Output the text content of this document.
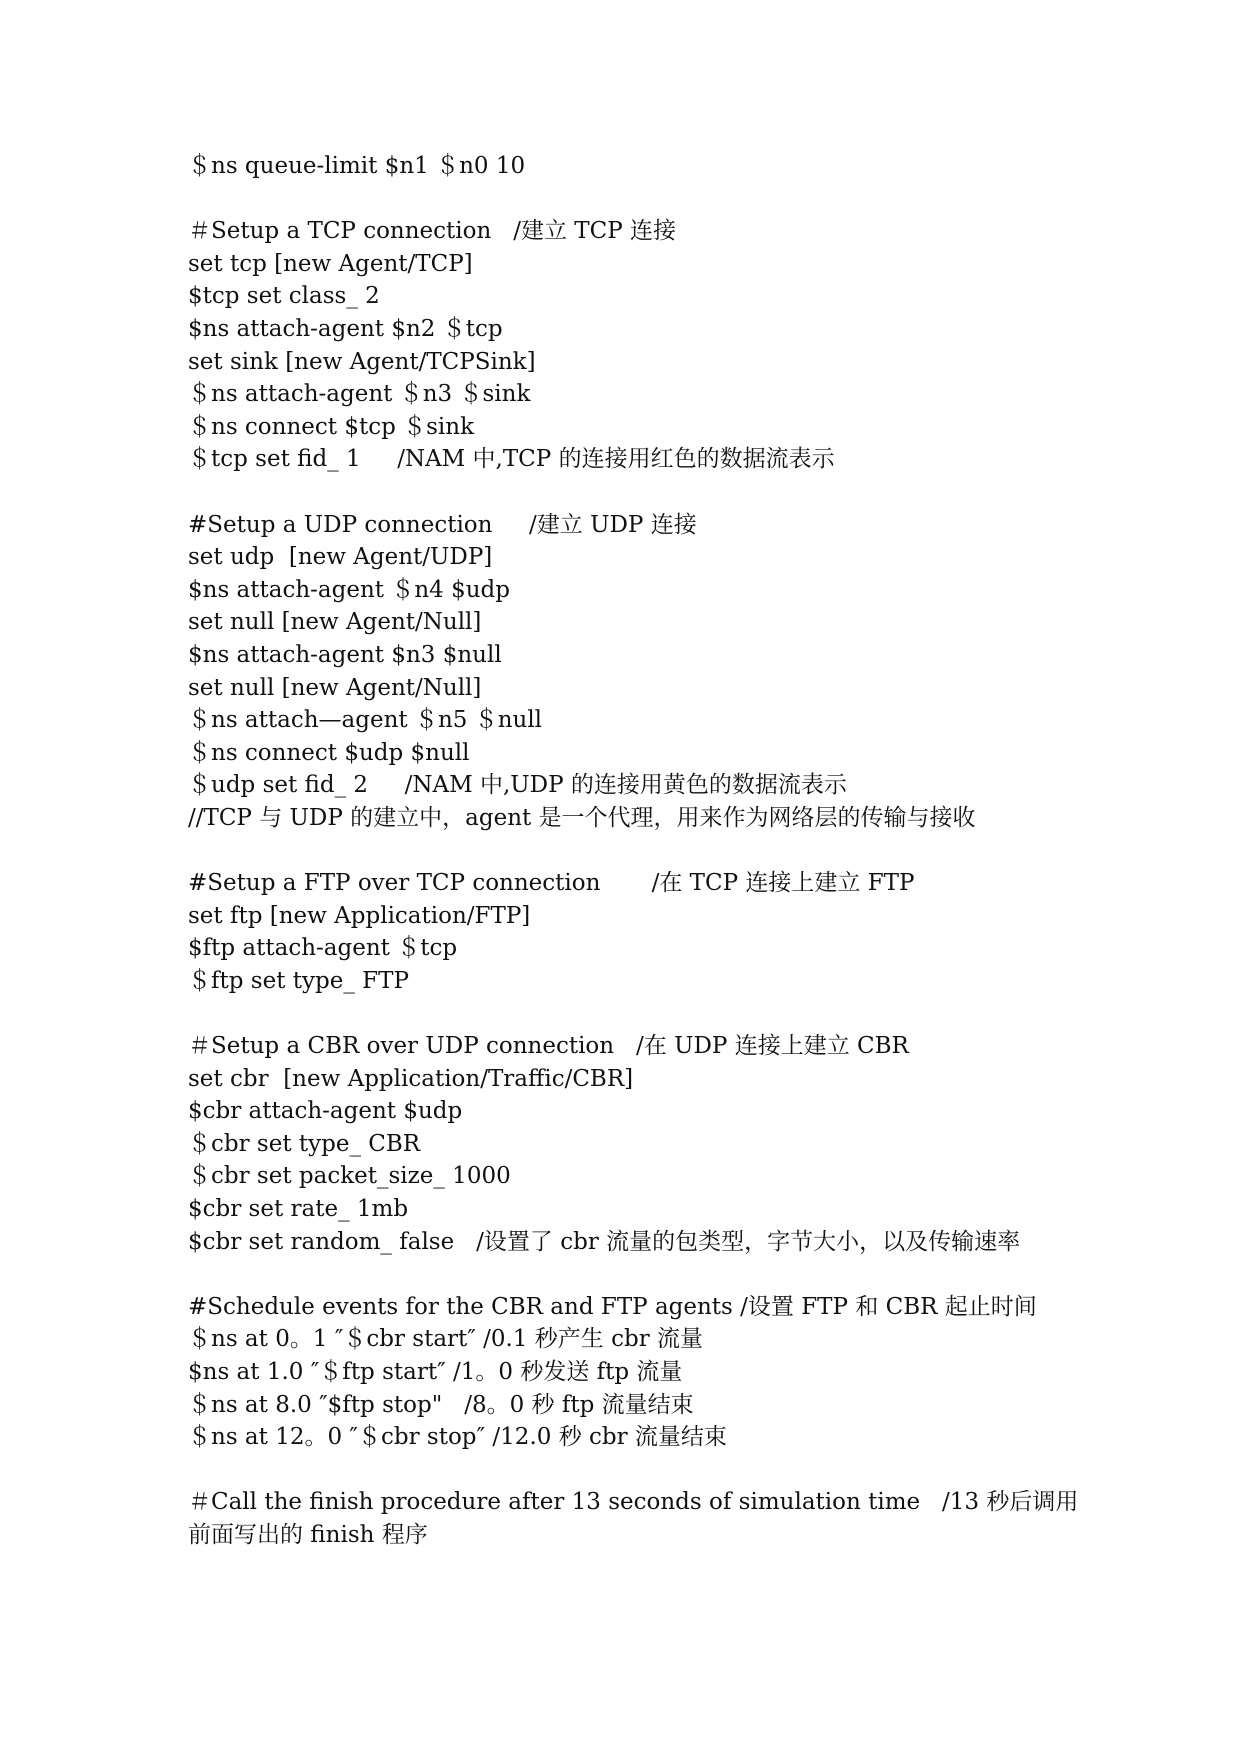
＄ns queue-limit $n1 ＄n0 10
＃Setup a TCP connection   /建立 TCP 连接
set tcp [new Agent/TCP]
$tcp set class_ 2
$ns attach-agent $n2 ＄tcp
set sink [new Agent/TCPSink]
＄ns attach-agent ＄n3 ＄sink
＄ns connect $tcp ＄sink
＄tcp set fid_ 1     /NAM 中,TCP 的连接用红色的数据流表示
#Setup a UDP connection     /建立 UDP 连接
set udp  [new Agent/UDP]
$ns attach-agent ＄n4 $udp
set null [new Agent/Null]
$ns attach-agent $n3 $null
set null [new Agent/Null]
＄ns attach—agent ＄n5 ＄null
＄ns connect $udp $null
＄udp set fid_ 2     /NAM 中,UDP 的连接用黄色的数据流表示
//TCP 与 UDP 的建立中，agent 是一个代理，用来作为网络层的传输与接收
#Setup a FTP over TCP connection       /在 TCP 连接上建立 FTP
set ftp [new Application/FTP]
$ftp attach-agent ＄tcp
＄ftp set type_ FTP
＃Setup a CBR over UDP connection   /在 UDP 连接上建立 CBR
set cbr  [new Application/Traffic/CBR]
$cbr attach-agent $udp
＄cbr set type_ CBR
＄cbr set packet_size_ 1000
$cbr set rate_ 1mb
$cbr set random_ false   /设置了 cbr 流量的包类型，字节大小，以及传输速率
#Schedule events for the CBR and FTP agents /设置 FTP 和 CBR 起止时间
＄ns at 0。1 ″＄cbr start″ /0.1 秒产生 cbr 流量
$ns at 1.0 ″＄ftp start″ /1。0 秒发送 ftp 流量
＄ns at 8.0 ″$ftp stop"   /8。0 秒 ftp 流量结束
＄ns at 12。0 ″＄cbr stop″ /12.0 秒 cbr 流量结束
＃Call the finish procedure after 13 seconds of simulation time   /13 秒后调用前面写出的 finish 程序
